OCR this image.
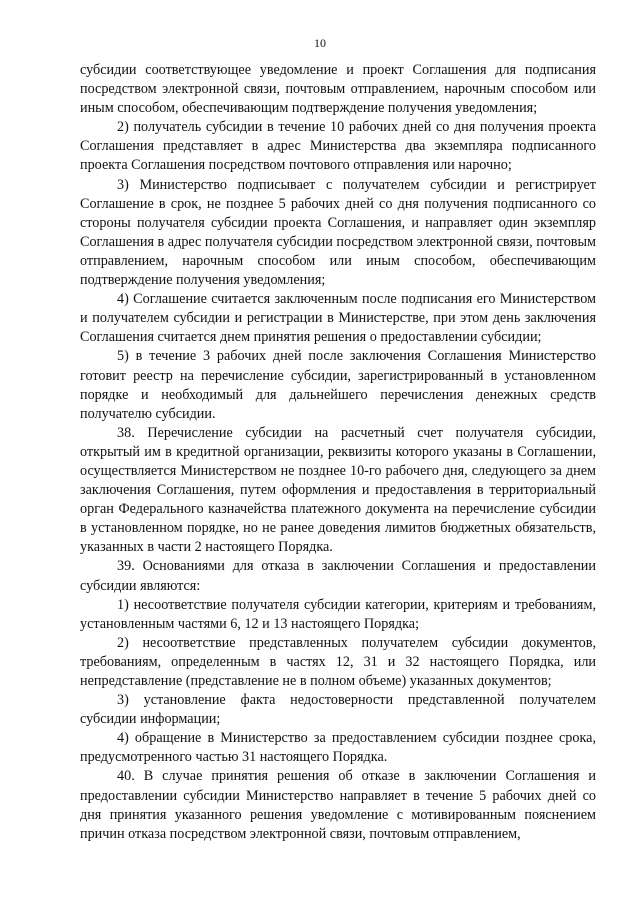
10

субсидии соответствующее уведомление и проект Соглашения для подписания посредством электронной связи, почтовым отправлением, нарочным способом или иным способом, обеспечивающим подтверждение получения уведомления;

2) получатель субсидии в течение 10 рабочих дней со дня получения проекта Соглашения представляет в адрес Министерства два экземпляра подписанного проекта Соглашения посредством почтового отправления или нарочно;

3) Министерство подписывает с получателем субсидии и регистрирует Соглашение в срок, не позднее 5 рабочих дней со дня получения подписанного со стороны получателя субсидии проекта Соглашения, и направляет один экземпляр Соглашения в адрес получателя субсидии посредством электронной связи, почтовым отправлением, нарочным способом или иным способом, обеспечивающим подтверждение получения уведомления;

4) Соглашение считается заключенным после подписания его Министерством и получателем субсидии и регистрации в Министерстве, при этом день заключения Соглашения считается днем принятия решения о предоставлении субсидии;

5) в течение 3 рабочих дней после заключения Соглашения Министерство готовит реестр на перечисление субсидии, зарегистрированный в установленном порядке и необходимый для дальнейшего перечисления денежных средств получателю субсидии.

38. Перечисление субсидии на расчетный счет получателя субсидии, открытый им в кредитной организации, реквизиты которого указаны в Соглашении, осуществляется Министерством не позднее 10-го рабочего дня, следующего за днем заключения Соглашения, путем оформления и предоставления в территориальный орган Федерального казначейства платежного документа на перечисление субсидии в установленном порядке, но не ранее доведения лимитов бюджетных обязательств, указанных в части 2 настоящего Порядка.

39. Основаниями для отказа в заключении Соглашения и предоставлении субсидии являются:

1) несоответствие получателя субсидии категории, критериям и требованиям, установленным частями 6, 12 и 13 настоящего Порядка;

2) несоответствие представленных получателем субсидии документов, требованиям, определенным в частях 12, 31 и 32 настоящего Порядка, или непредставление (представление не в полном объеме) указанных документов;

3) установление факта недостоверности представленной получателем субсидии информации;

4) обращение в Министерство за предоставлением субсидии позднее срока, предусмотренного частью 31 настоящего Порядка.

40. В случае принятия решения об отказе в заключении Соглашения и предоставлении субсидии Министерство направляет в течение 5 рабочих дней со дня принятия указанного решения уведомление с мотивированным пояснением причин отказа посредством электронной связи, почтовым отправлением,
